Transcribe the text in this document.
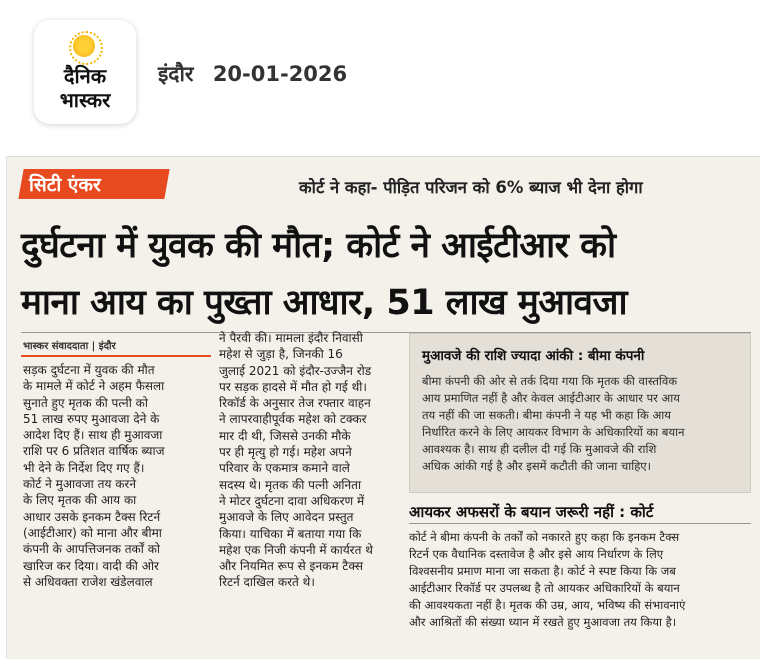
दैनिक
भास्कर
इंदौर 20-01-2026
सिटी एंकर	कोर्ट ने कहा- पीड़ित परिजन को 6% ब्याज भी देना होगा
दुर्घटना में युवक की मौत; कोर्ट ने आईटीआर को
माना आय का पुख्ता आधार, 51 लाख मुआवजा
भास्कर संवाददाता | इंदौर
सड़क दुर्घटना में युवक की मौत
के मामले में कोर्ट ने अहम फैसला
सुनाते हुए मृतक की पत्नी को
51 लाख रुपए मुआवजा देने के
आदेश दिए हैं। साथ ही मुआवजा
राशि पर 6 प्रतिशत वार्षिक ब्याज
भी देने के निर्देश दिए गए हैं।
कोर्ट ने मुआवजा तय करने
के लिए मृतक की आय का
आधार उसके इनकम टैक्स रिटर्न
(आईटीआर) को माना और बीमा
कंपनी के आपत्तिजनक तर्कों को
खारिज कर दिया। वादी की ओर
से अधिवक्ता राजेश खंडेलवाल
ने पैरवी की। मामला इंदौर निवासी
महेश से जुड़ा है, जिनकी 16
जुलाई 2021 को इंदौर-उज्जैन रोड
पर सड़क हादसे में मौत हो गई थी।
रिकॉर्ड के अनुसार तेज रफ्तार वाहन
ने लापरवाहीपूर्वक महेश को टक्कर
मार दी थी, जिससे उनकी मौके
पर ही मृत्यु हो गई। महेश अपने
परिवार के एकमात्र कमाने वाले
सदस्य थे। मृतक की पत्नी अनिता
ने मोटर दुर्घटना दावा अधिकरण में
मुआवजे के लिए आवेदन प्रस्तुत
किया। याचिका में बताया गया कि
महेश एक निजी कंपनी में कार्यरत थे
और नियमित रूप से इनकम टैक्स
रिटर्न दाखिल करते थे।
मुआवजे की राशि ज्यादा आंकी : बीमा कंपनी
बीमा कंपनी की ओर से तर्क दिया गया कि मृतक की वास्तविक
आय प्रमाणित नहीं है और केवल आईटीआर के आधार पर आय
तय नहीं की जा सकती। बीमा कंपनी ने यह भी कहा कि आय
निर्धारित करने के लिए आयकर विभाग के अधिकारियों का बयान
आवश्यक है। साथ ही दलील दी गई कि मुआवजे की राशि
अधिक आंकी गई है और इसमें कटौती की जाना चाहिए।
आयकर अफसरों के बयान जरूरी नहीं : कोर्ट
कोर्ट ने बीमा कंपनी के तर्कों को नकारते हुए कहा कि इनकम टैक्स
रिटर्न एक वैधानिक दस्तावेज है और इसे आय निर्धारण के लिए
विश्वसनीय प्रमाण माना जा सकता है। कोर्ट ने स्पष्ट किया कि जब
आईटीआर रिकॉर्ड पर उपलब्ध है तो आयकर अधिकारियों के बयान
की आवश्यकता नहीं है। मृतक की उम्र, आय, भविष्य की संभावनाएं
और आश्रितों की संख्या ध्यान में रखते हुए मुआवजा तय किया है।
